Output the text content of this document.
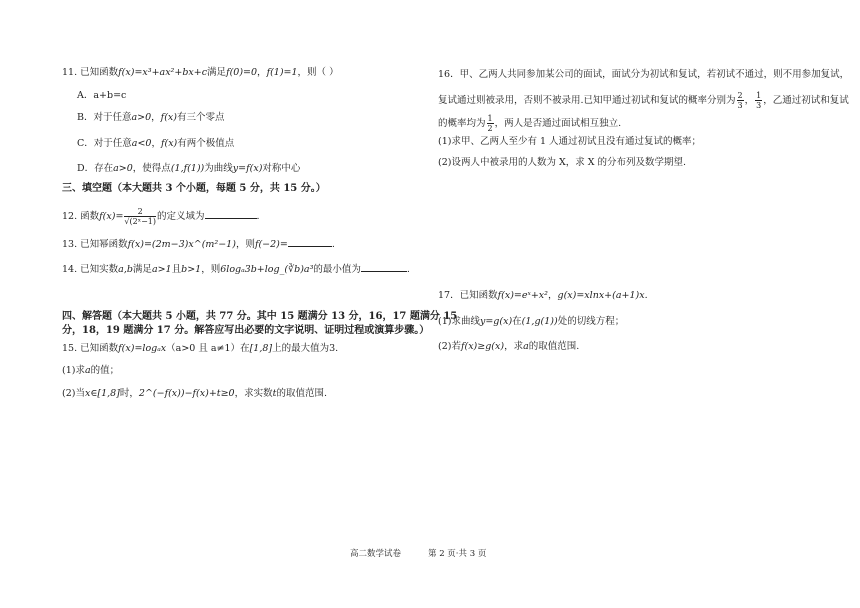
11. 已知函数f(x)=x³+ax²+bx+c满足f(0)=0，f(1)=1，则（ ）
A．a+b=c
B．对于任意a>0，f(x)有三个零点
C．对于任意a<0，f(x)有两个极值点
D．存在a>0，使得点(1,f(1))为曲线y=f(x)对称中心
三、填空题（本大题共 3 个小题，每题 5 分，共 15 分。）
12. 函数$f(x)= \frac{2}{\text{√(2ˣ−1)}}$ 的定义域为	.
13. 已知幂函数f(x)=(2m−3)x^(m²−1)，则f(−2)=	.
14. 已知实数a,b满足a>1且b>1，则6logₐ3b+log_(∛b)a³的最小值为	.
四、解答题（本大题共 5 小题，共 77 分。其中 15 题满分 13 分，16，17 题满分 15
分，18，19 题满分 17 分。解答应写出必要的文字说明、证明过程或演算步骤。）
15. 已知函数f(x)=logₐx（a>0 且 a≠1）在[1,8]上的最大值为3.
(1)求a的值；
(2)当x∈[1,8]时，2^(−f(x))−f(x)+t≥0，求实数t的取值范围.
16．甲、乙两人共同参加某公司的面试，面试分为初试和复试，若初试不通过，则不用参加复试，
复试通过则被录用，否则不被录用.已知甲通过初试和复试的概率分别为 $\frac{2}{3}$ ， $\frac{1}{3}$ ，乙通过初试和复试
的概率均为 $\frac{1}{2}$ ，两人是否通过面试相互独立.
(1)求甲、乙两人至少有 1 人通过初试且没有通过复试的概率；
(2)设两人中被录用的人数为 X，求 X 的分布列及数学期望.
17．已知函数f(x)=eˣ+x²，g(x)=xlnx+(a+1)x.
(1)求曲线y=g(x)在(1,g(1))处的切线方程；
(2)若f(x)≥g(x)，求a的取值范围.
高二数学试卷	第 2 页·共 3 页
